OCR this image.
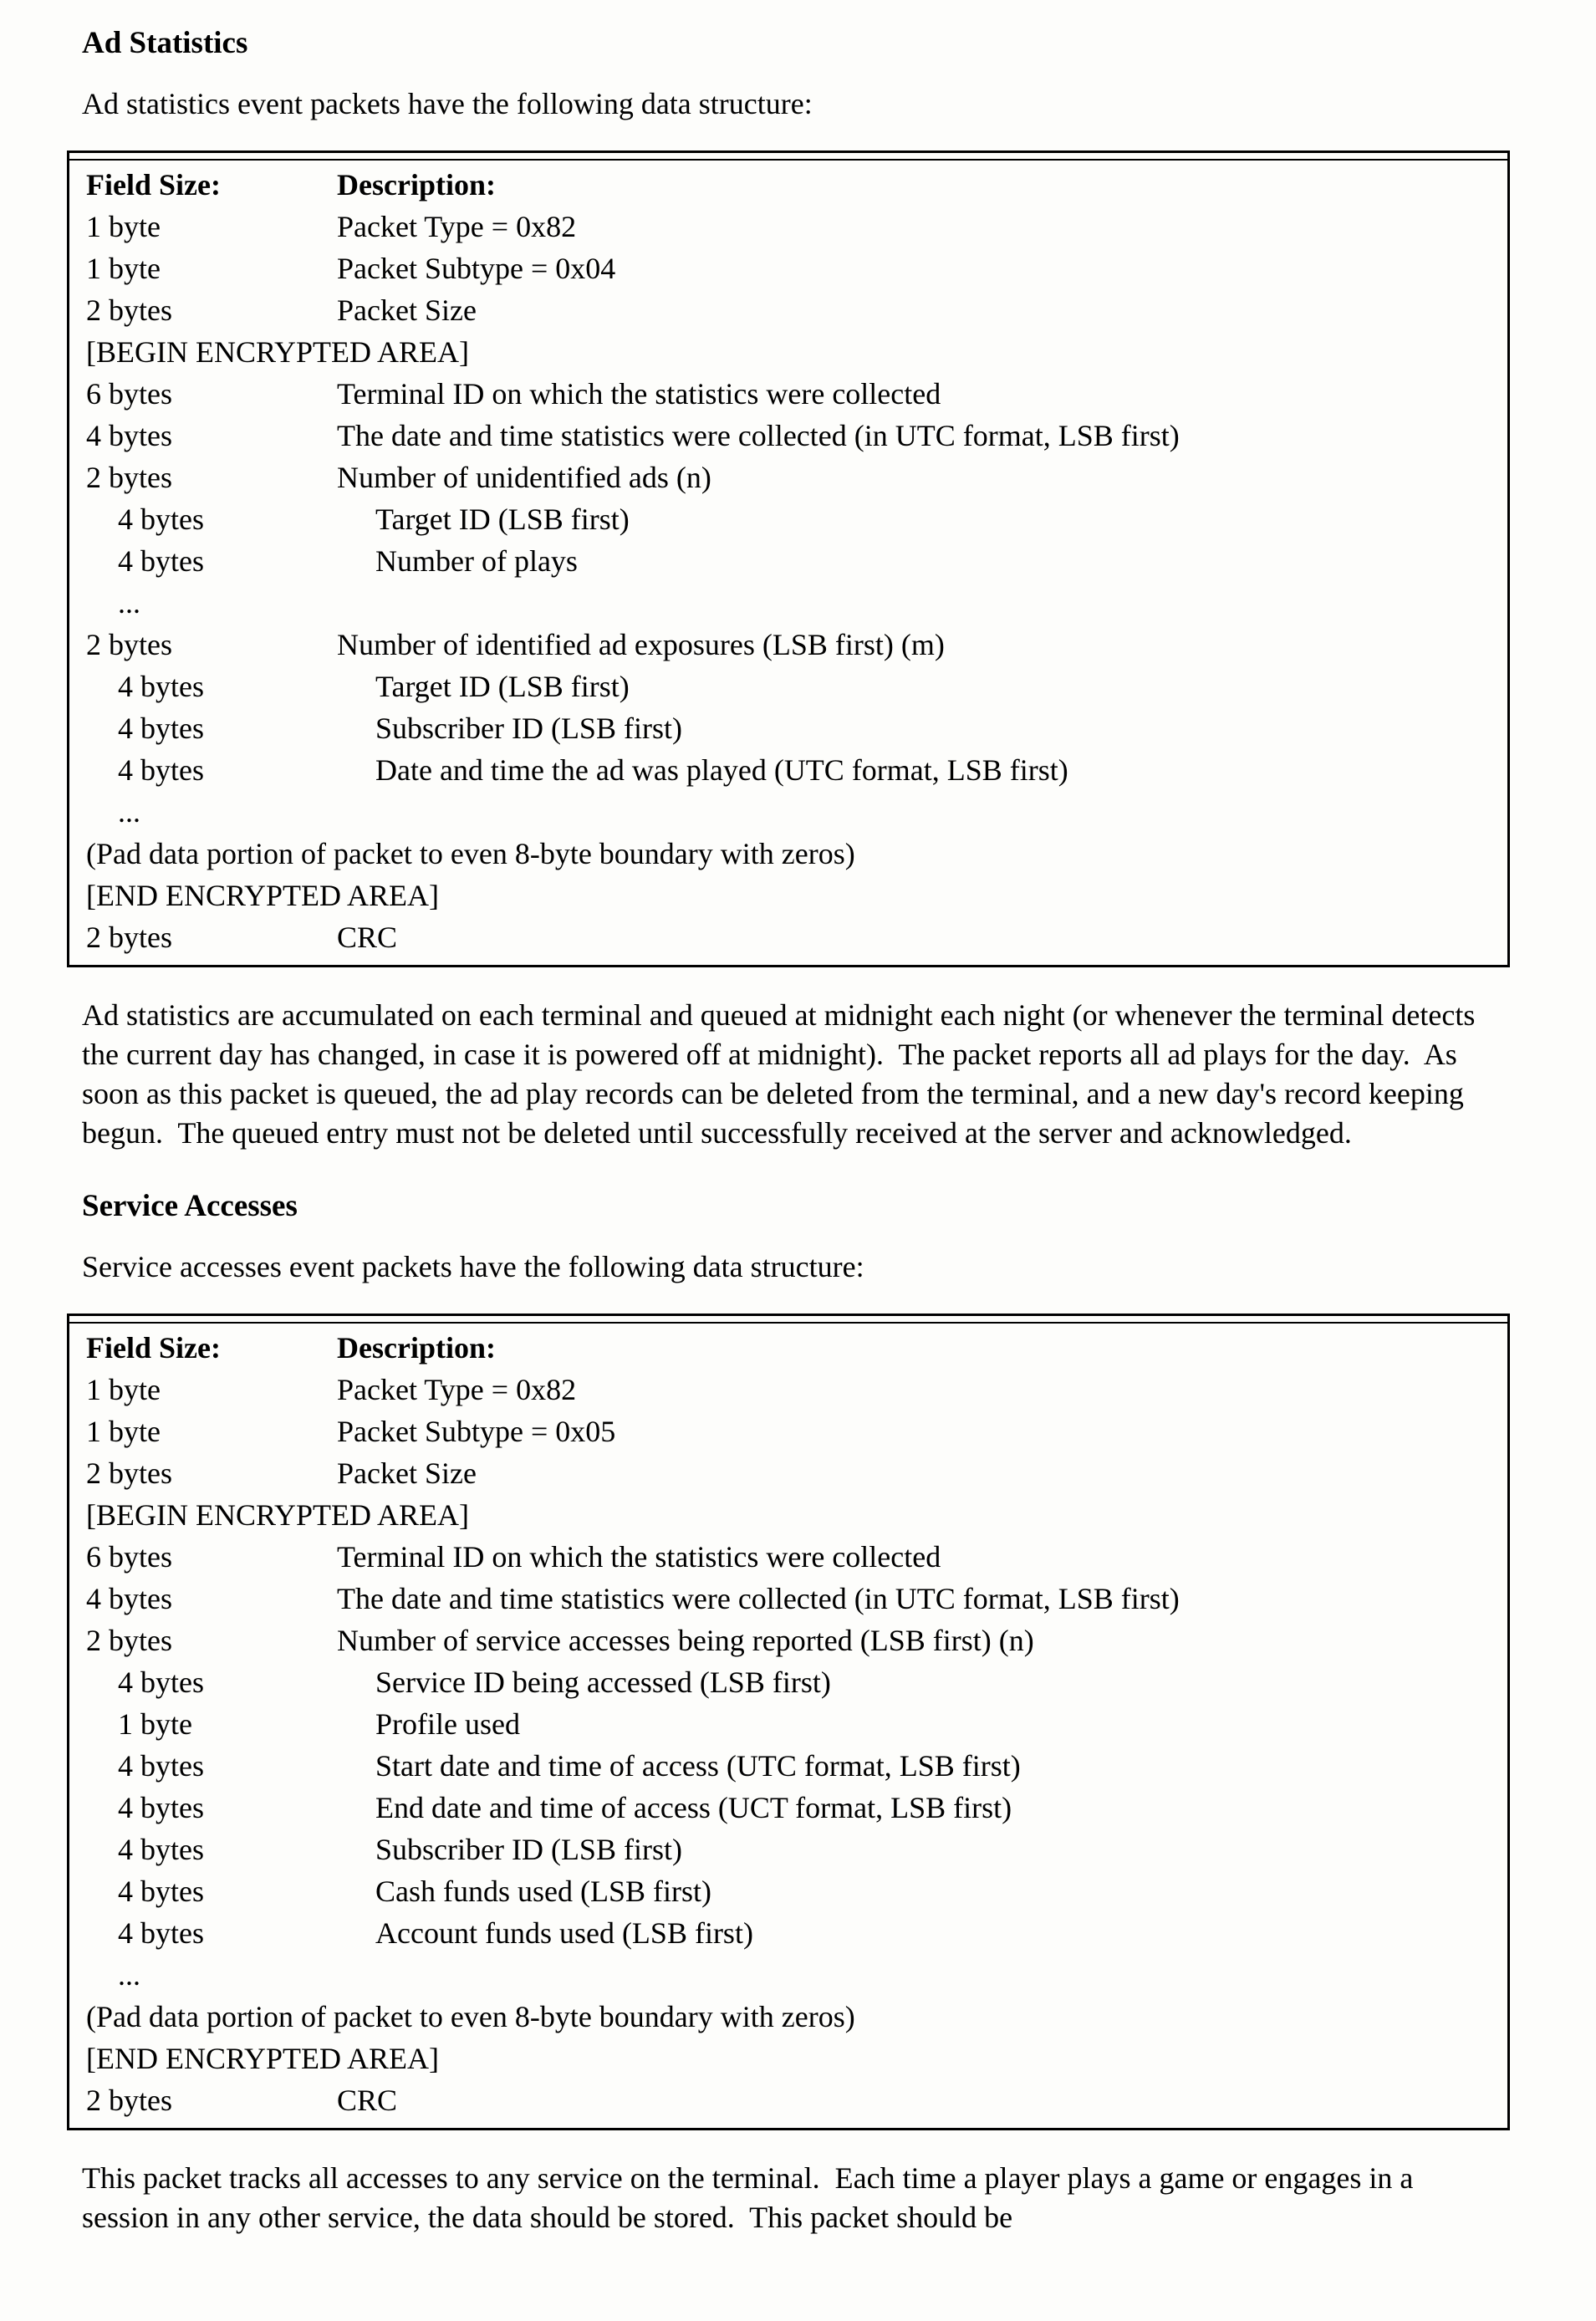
Ad Statistics

Ad statistics event packets have the following data structure:

Field Size:	Description:
1 byte	Packet Type = 0x82
1 byte	Packet Subtype = 0x04
2 bytes	Packet Size
[BEGIN ENCRYPTED AREA]
6 bytes	Terminal ID on which the statistics were collected
4 bytes	The date and time statistics were collected (in UTC format, LSB first)
2 bytes	Number of unidentified ads (n)
4 bytes	Target ID (LSB first)
4 bytes	Number of plays
...
2 bytes	Number of identified ad exposures (LSB first) (m)
4 bytes	Target ID (LSB first)
4 bytes	Subscriber ID (LSB first)
4 bytes	Date and time the ad was played (UTC format, LSB first)
...
(Pad data portion of packet to even 8-byte boundary with zeros)
[END ENCRYPTED AREA]
2 bytes	CRC

Ad statistics are accumulated on each terminal and queued at midnight each night (or whenever the terminal detects the current day has changed, in case it is powered off at midnight).  The packet reports all ad plays for the day.  As soon as this packet is queued, the ad play records can be deleted from the terminal, and a new day's record keeping begun.  The queued entry must not be deleted until successfully received at the server and acknowledged.

Service Accesses

Service accesses event packets have the following data structure:

Field Size:	Description:
1 byte	Packet Type = 0x82
1 byte	Packet Subtype = 0x05
2 bytes	Packet Size
[BEGIN ENCRYPTED AREA]
6 bytes	Terminal ID on which the statistics were collected
4 bytes	The date and time statistics were collected (in UTC format, LSB first)
2 bytes	Number of service accesses being reported (LSB first) (n)
4 bytes	Service ID being accessed (LSB first)
1 byte	Profile used
4 bytes	Start date and time of access (UTC format, LSB first)
4 bytes	End date and time of access (UCT format, LSB first)
4 bytes	Subscriber ID (LSB first)
4 bytes	Cash funds used (LSB first)
4 bytes	Account funds used (LSB first)
...
(Pad data portion of packet to even 8-byte boundary with zeros)
[END ENCRYPTED AREA]
2 bytes	CRC

This packet tracks all accesses to any service on the terminal.  Each time a player plays a game or engages in a session in any other service, the data should be stored.  This packet should be
